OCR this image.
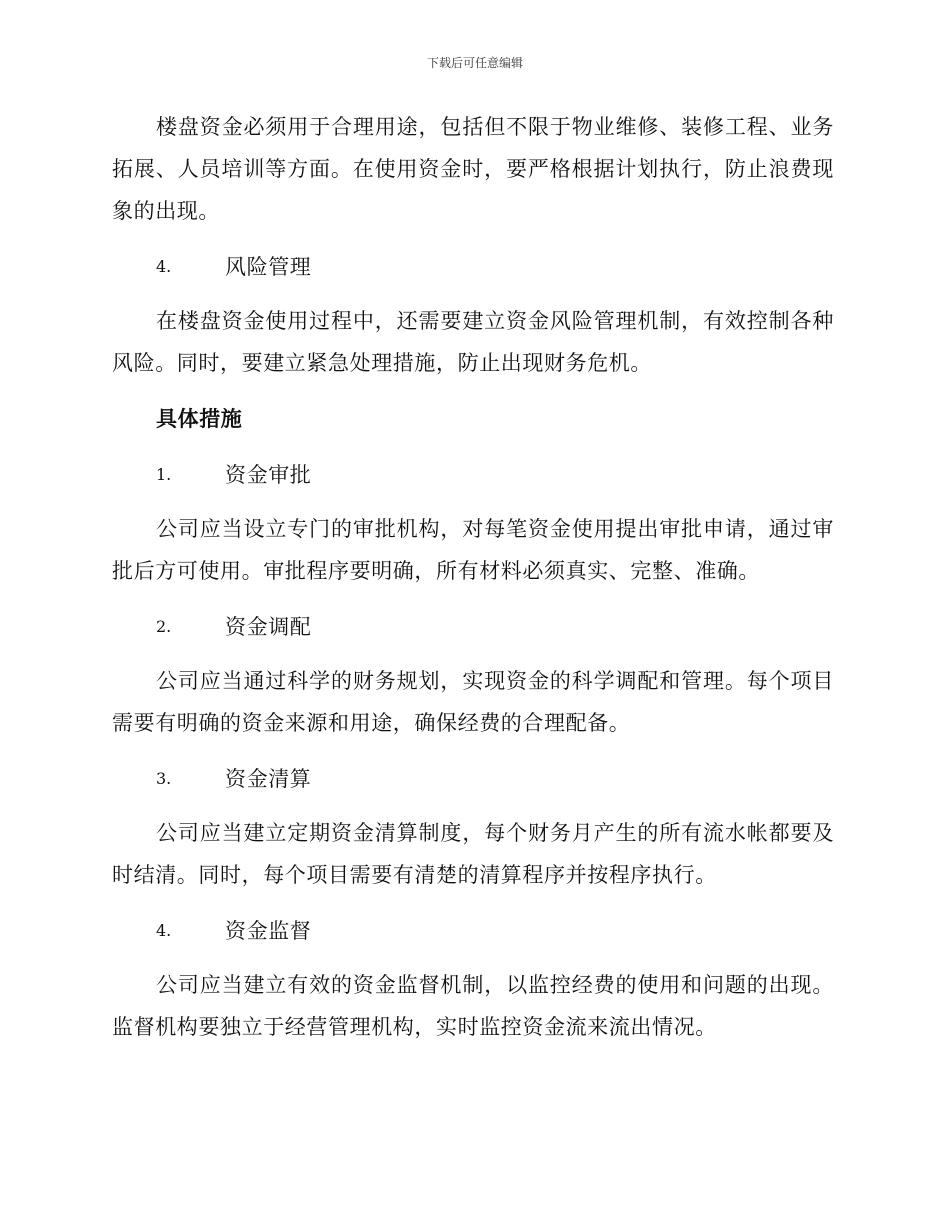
下载后可任意编辑

楼盘资金必须用于合理用途，包括但不限于物业维修、装修工程、业务拓展、人员培训等方面。在使用资金时，要严格根据计划执行，防止浪费现象的出现。

4.	风险管理

在楼盘资金使用过程中，还需要建立资金风险管理机制，有效控制各种风险。同时，要建立紧急处理措施，防止出现财务危机。

具体措施
1.	资金审批

公司应当设立专门的审批机构，对每笔资金使用提出审批申请，通过审批后方可使用。审批程序要明确，所有材料必须真实、完整、准确。

2.	资金调配

公司应当通过科学的财务规划，实现资金的科学调配和管理。每个项目需要有明确的资金来源和用途，确保经费的合理配备。

3.	资金清算

公司应当建立定期资金清算制度，每个财务月产生的所有流水帐都要及时结清。同时，每个项目需要有清楚的清算程序并按程序执行。

4.	资金监督

公司应当建立有效的资金监督机制，以监控经费的使用和问题的出现。监督机构要独立于经营管理机构，实时监控资金流来流出情况。
